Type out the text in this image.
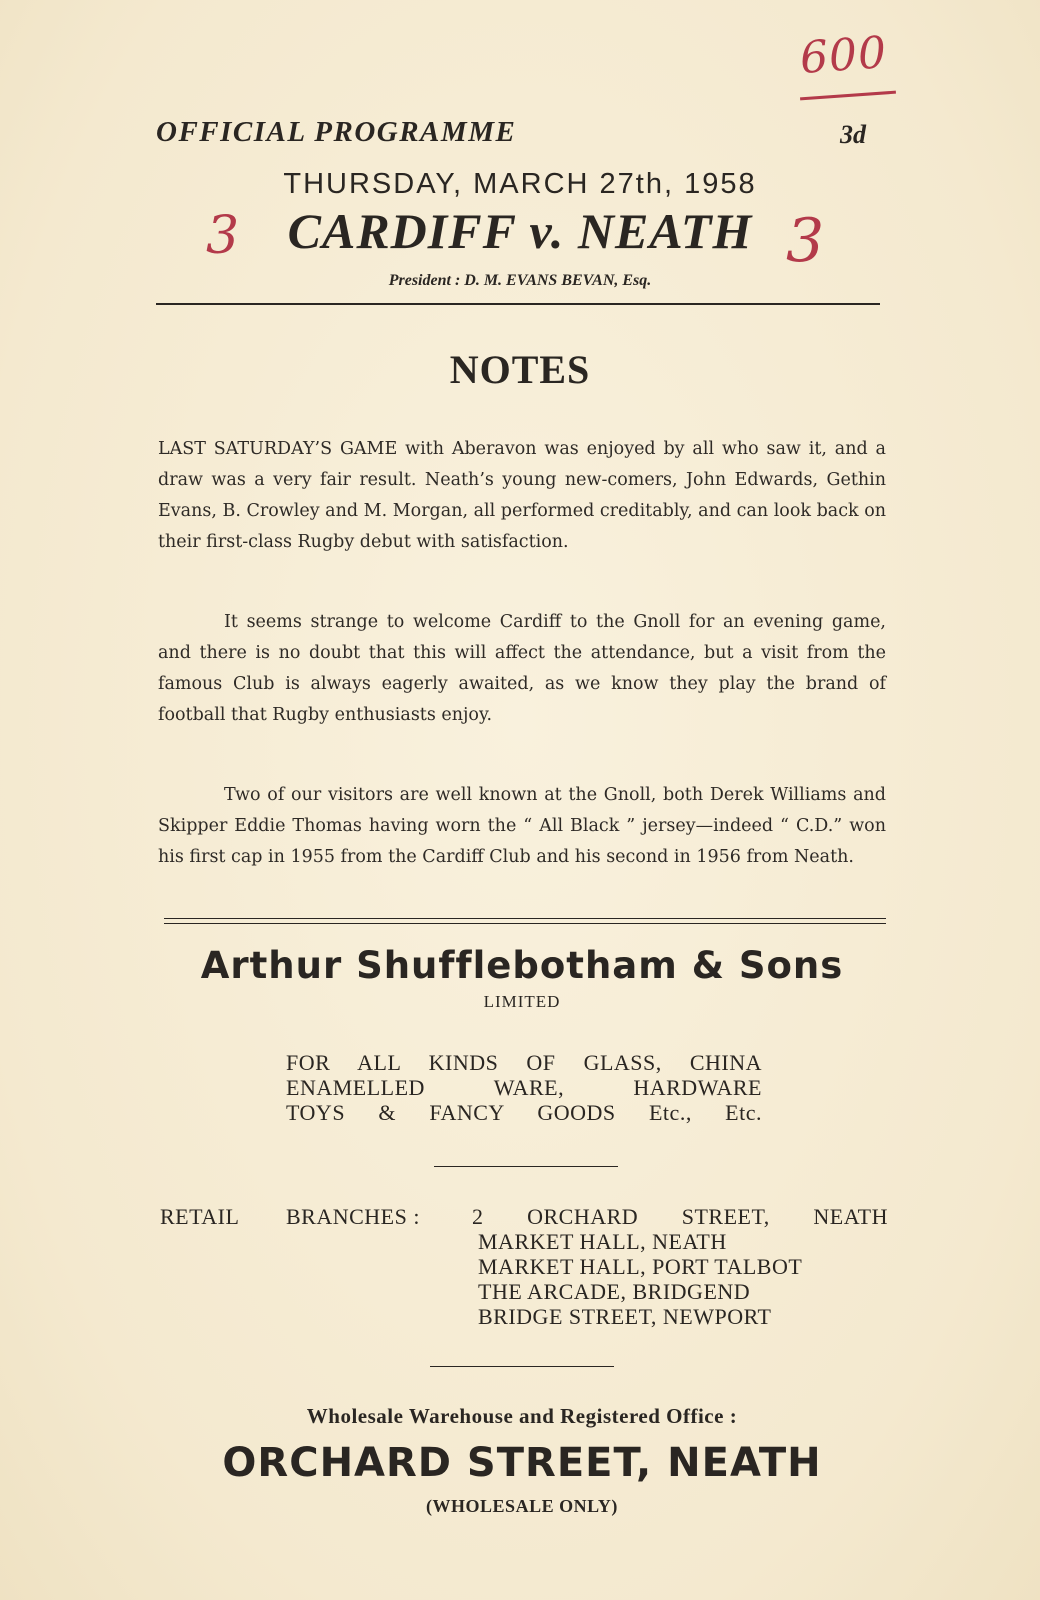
600
OFFICIAL PROGRAMME	3d
THURSDAY, MARCH 27th, 1958
3 CARDIFF v. NEATH 3
President : D. M. EVANS BEVAN, Esq.
NOTES
LAST SATURDAY’S GAME with Aberavon was enjoyed by all who saw it, and a draw was a very fair result. Neath’s young new-comers, John Edwards, Gethin Evans, B. Crowley and M. Morgan, all performed creditably, and can look back on their first-class Rugby debut with satisfaction.
It seems strange to welcome Cardiff to the Gnoll for an evening game, and there is no doubt that this will affect the attendance, but a visit from the famous Club is always eagerly awaited, as we know they play the brand of football that Rugby enthusiasts enjoy.
Two of our visitors are well known at the Gnoll, both Derek Williams and Skipper Eddie Thomas having worn the “ All Black ” jersey—indeed “ C.D.” won his first cap in 1955 from the Cardiff Club and his second in 1956 from Neath.
Arthur Shufflebotham & Sons
LIMITED
FOR ALL KINDS OF GLASS, CHINA
ENAMELLED WARE, HARDWARE
TOYS & FANCY GOODS Etc., Etc.
RETAIL BRANCHES : 2 ORCHARD STREET, NEATH
MARKET HALL, NEATH
MARKET HALL, PORT TALBOT
THE ARCADE, BRIDGEND
BRIDGE STREET, NEWPORT
Wholesale Warehouse and Registered Office :
ORCHARD STREET, NEATH
(WHOLESALE ONLY)
